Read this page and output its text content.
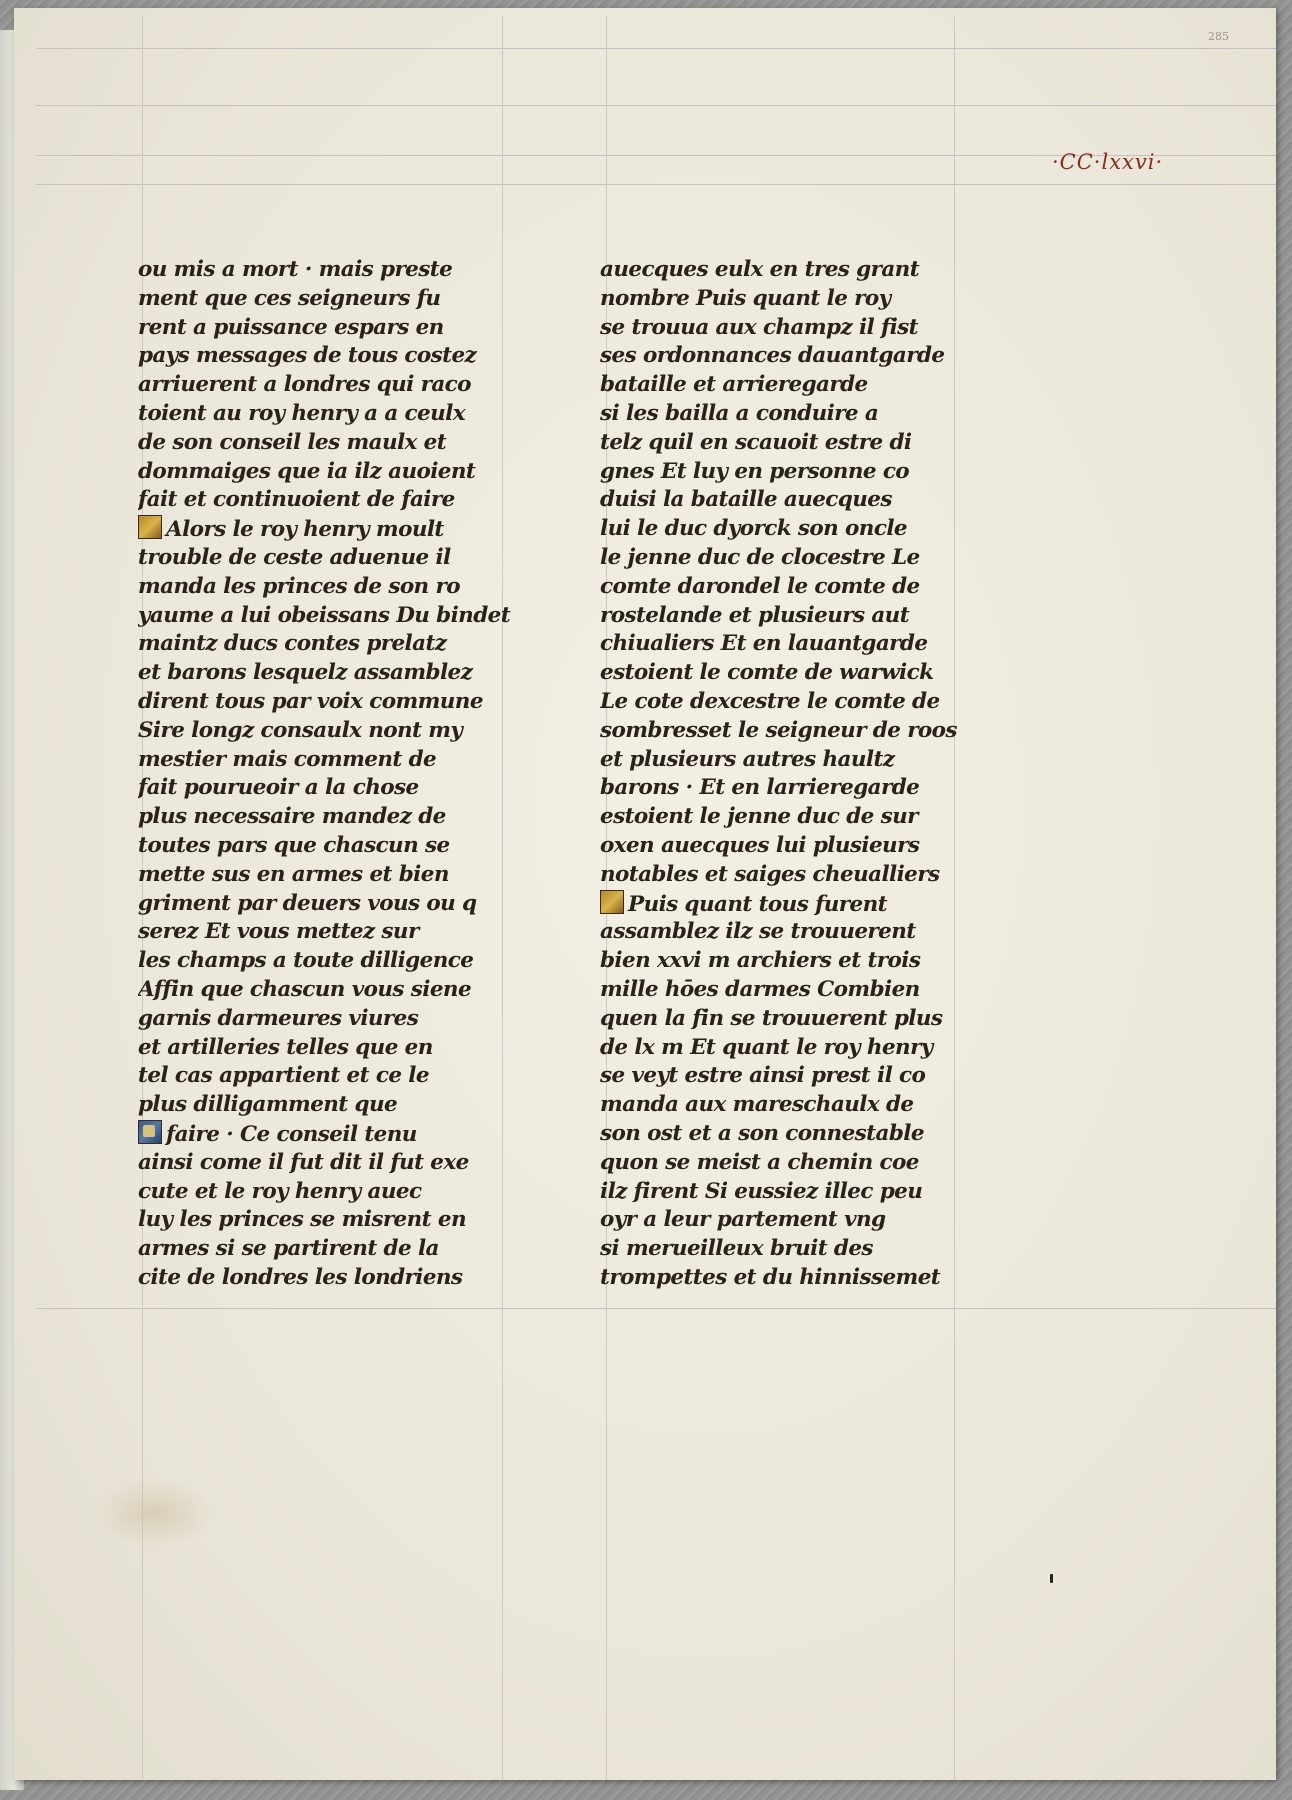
285
·CC·lxxvi·
ou mis a mort · mais preste
ment que ces seigneurs fu
rent a puissance espars en
pays messages de tous costez
arriuerent a londres qui raco
toient au roy henry a a ceulx
de son conseil les maulx et
dommaiges que ia ilz auoient
fait et continuoient de faire
Alors le roy henry moult
trouble de ceste aduenue il
manda les princes de son ro
yaume a lui obeissans Du bindet
maintz ducs contes prelatz
et barons lesquelz assamblez
dirent tous par voix commune
Sire longz consaulx nont my
mestier mais comment de
fait pourueoir a la chose
plus necessaire mandez de
toutes pars que chascun se
mette sus en armes et bien
griment par deuers vous ou q
serez Et vous mettez sur
les champs a toute dilligence
Affin que chascun vous siene
garnis darmeures viures
et artilleries telles que en
tel cas appartient et ce le
plus dilligamment que
faire · Ce conseil tenu
ainsi come il fut dit il fut exe
cute et le roy henry auec
luy les princes se misrent en
armes si se partirent de la
cite de londres les londriens
auecques eulx en tres grant
nombre Puis quant le roy
se trouua aux champz il fist
ses ordonnances dauantgarde
bataille et arrieregarde
si les bailla a conduire a
telz quil en scauoit estre di
gnes Et luy en personne co
duisi la bataille auecques
lui le duc dyorck son oncle
le jenne duc de clocestre Le
comte darondel le comte de
rostelande et plusieurs aut
chiualiers Et en lauantgarde
estoient le comte de warwick
Le cote dexcestre le comte de
sombresset le seigneur de roos
et plusieurs autres haultz
barons · Et en larrieregarde
estoient le jenne duc de sur
oxen auecques lui plusieurs
notables et saiges cheualliers
Puis quant tous furent
assamblez ilz se trouuerent
bien xxvi m archiers et trois
mille hōes darmes Combien
quen la fin se trouuerent plus
de lx m Et quant le roy henry
se veyt estre ainsi prest il co
manda aux mareschaulx de
son ost et a son connestable
quon se meist a chemin coe
ilz firent Si eussiez illec peu
oyr a leur partement vng
si merueilleux bruit des
trompettes et du hinnissemet
